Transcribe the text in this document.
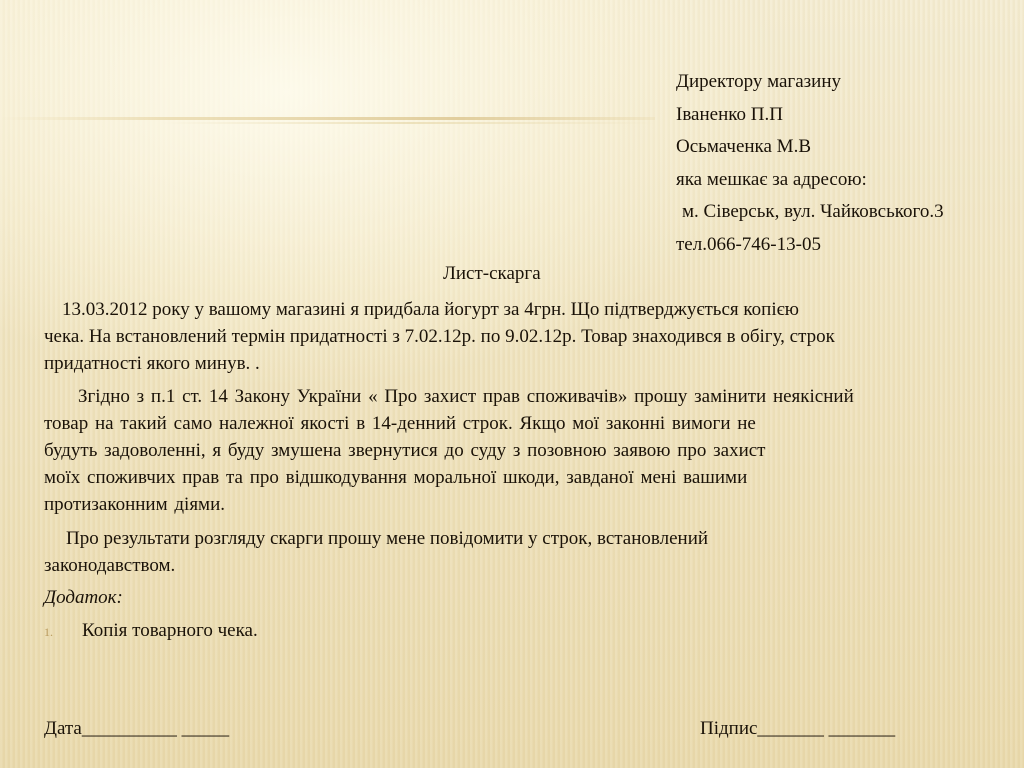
Директору магазину
Іваненко П.П
Осьмаченка М.В
яка мешкає за адресою:
м. Сіверськ, вул. Чайковського.3
тел.066-746-13-05
Лист-скарга
13.03.2012 року у вашому магазині я придбала йогурт за 4грн. Що підтверджується копією
чека. На встановлений термін придатності з 7.02.12р. по 9.02.12р. Товар знаходився в обігу, строк
придатності якого минув. .
Згідно з п.1 ст. 14 Закону України « Про захист прав споживачів» прошу замінити неякісний
товар на такий само належної якості в 14-денний строк. Якщо мої законні вимоги не
будуть задоволенні, я буду змушена звернутися до суду з позовною заявою про захист
моїх споживчих прав та про відшкодування моральної шкоди, завданої мені вашими
протизаконним діями.
Про результати розгляду скарги прошу мене повідомити у строк, встановлений
законодавством.
Додаток:
1.	Копія товарного чека.
Дата__________ _____	Підпис_______ _______
